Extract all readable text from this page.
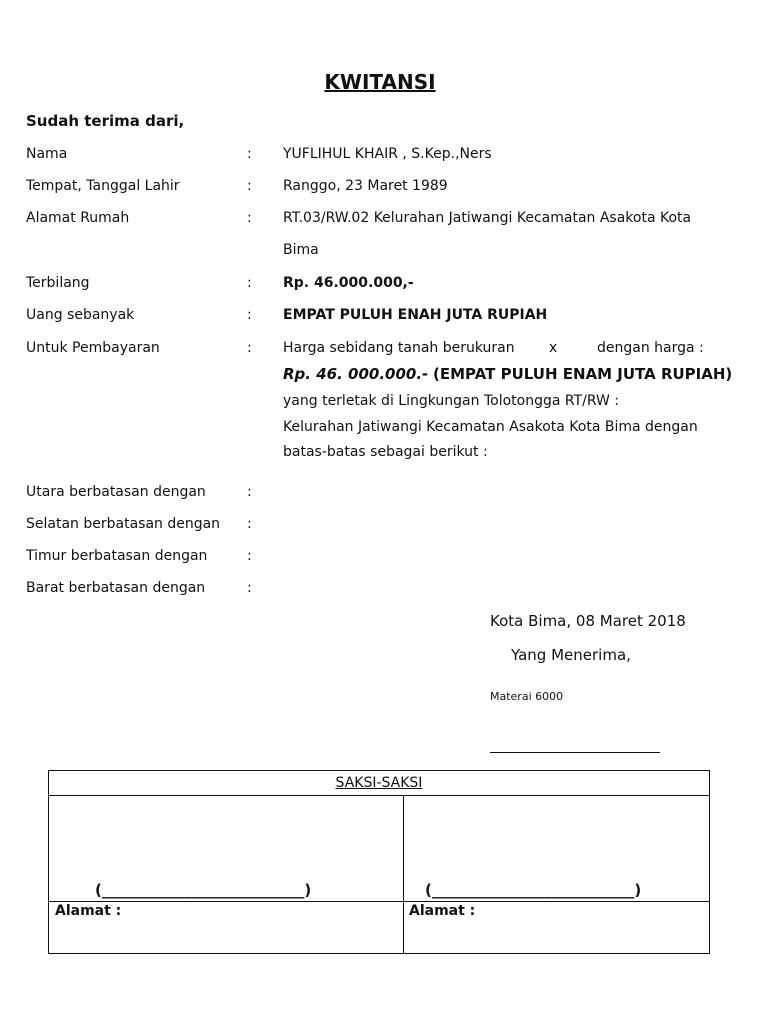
KWITANSI
Sudah terima dari,
Nama	: YUFLIHUL KHAIR , S.Kep.,Ners
Tempat, Tanggal Lahir	: Ranggo, 23 Maret 1989
Alamat Rumah	: RT.03/RW.02 Kelurahan Jatiwangi Kecamatan Asakota Kota
Bima
Terbilang	: Rp. 46.000.000,-
Uang sebanyak	: EMPAT PULUH ENAH JUTA RUPIAH
Untuk Pembayaran	: Harga sebidang tanah berukuran x	dengan harga :
Rp. 46. 000.000.- (EMPAT PULUH ENAM JUTA RUPIAH)
yang terletak di Lingkungan Tolotongga RT/RW :
Kelurahan Jatiwangi Kecamatan Asakota Kota Bima dengan
batas-batas sebagai berikut :
Utara berbatasan dengan	:
Selatan berbatasan dengan :
Timur berbatasan dengan	:
Barat berbatasan dengan	:
Kota Bima, 08 Maret 2018
Yang Menerima,
Materai 6000
SAKSI-SAKSI
(___________________________)	(___________________________)
Alamat :	Alamat :
